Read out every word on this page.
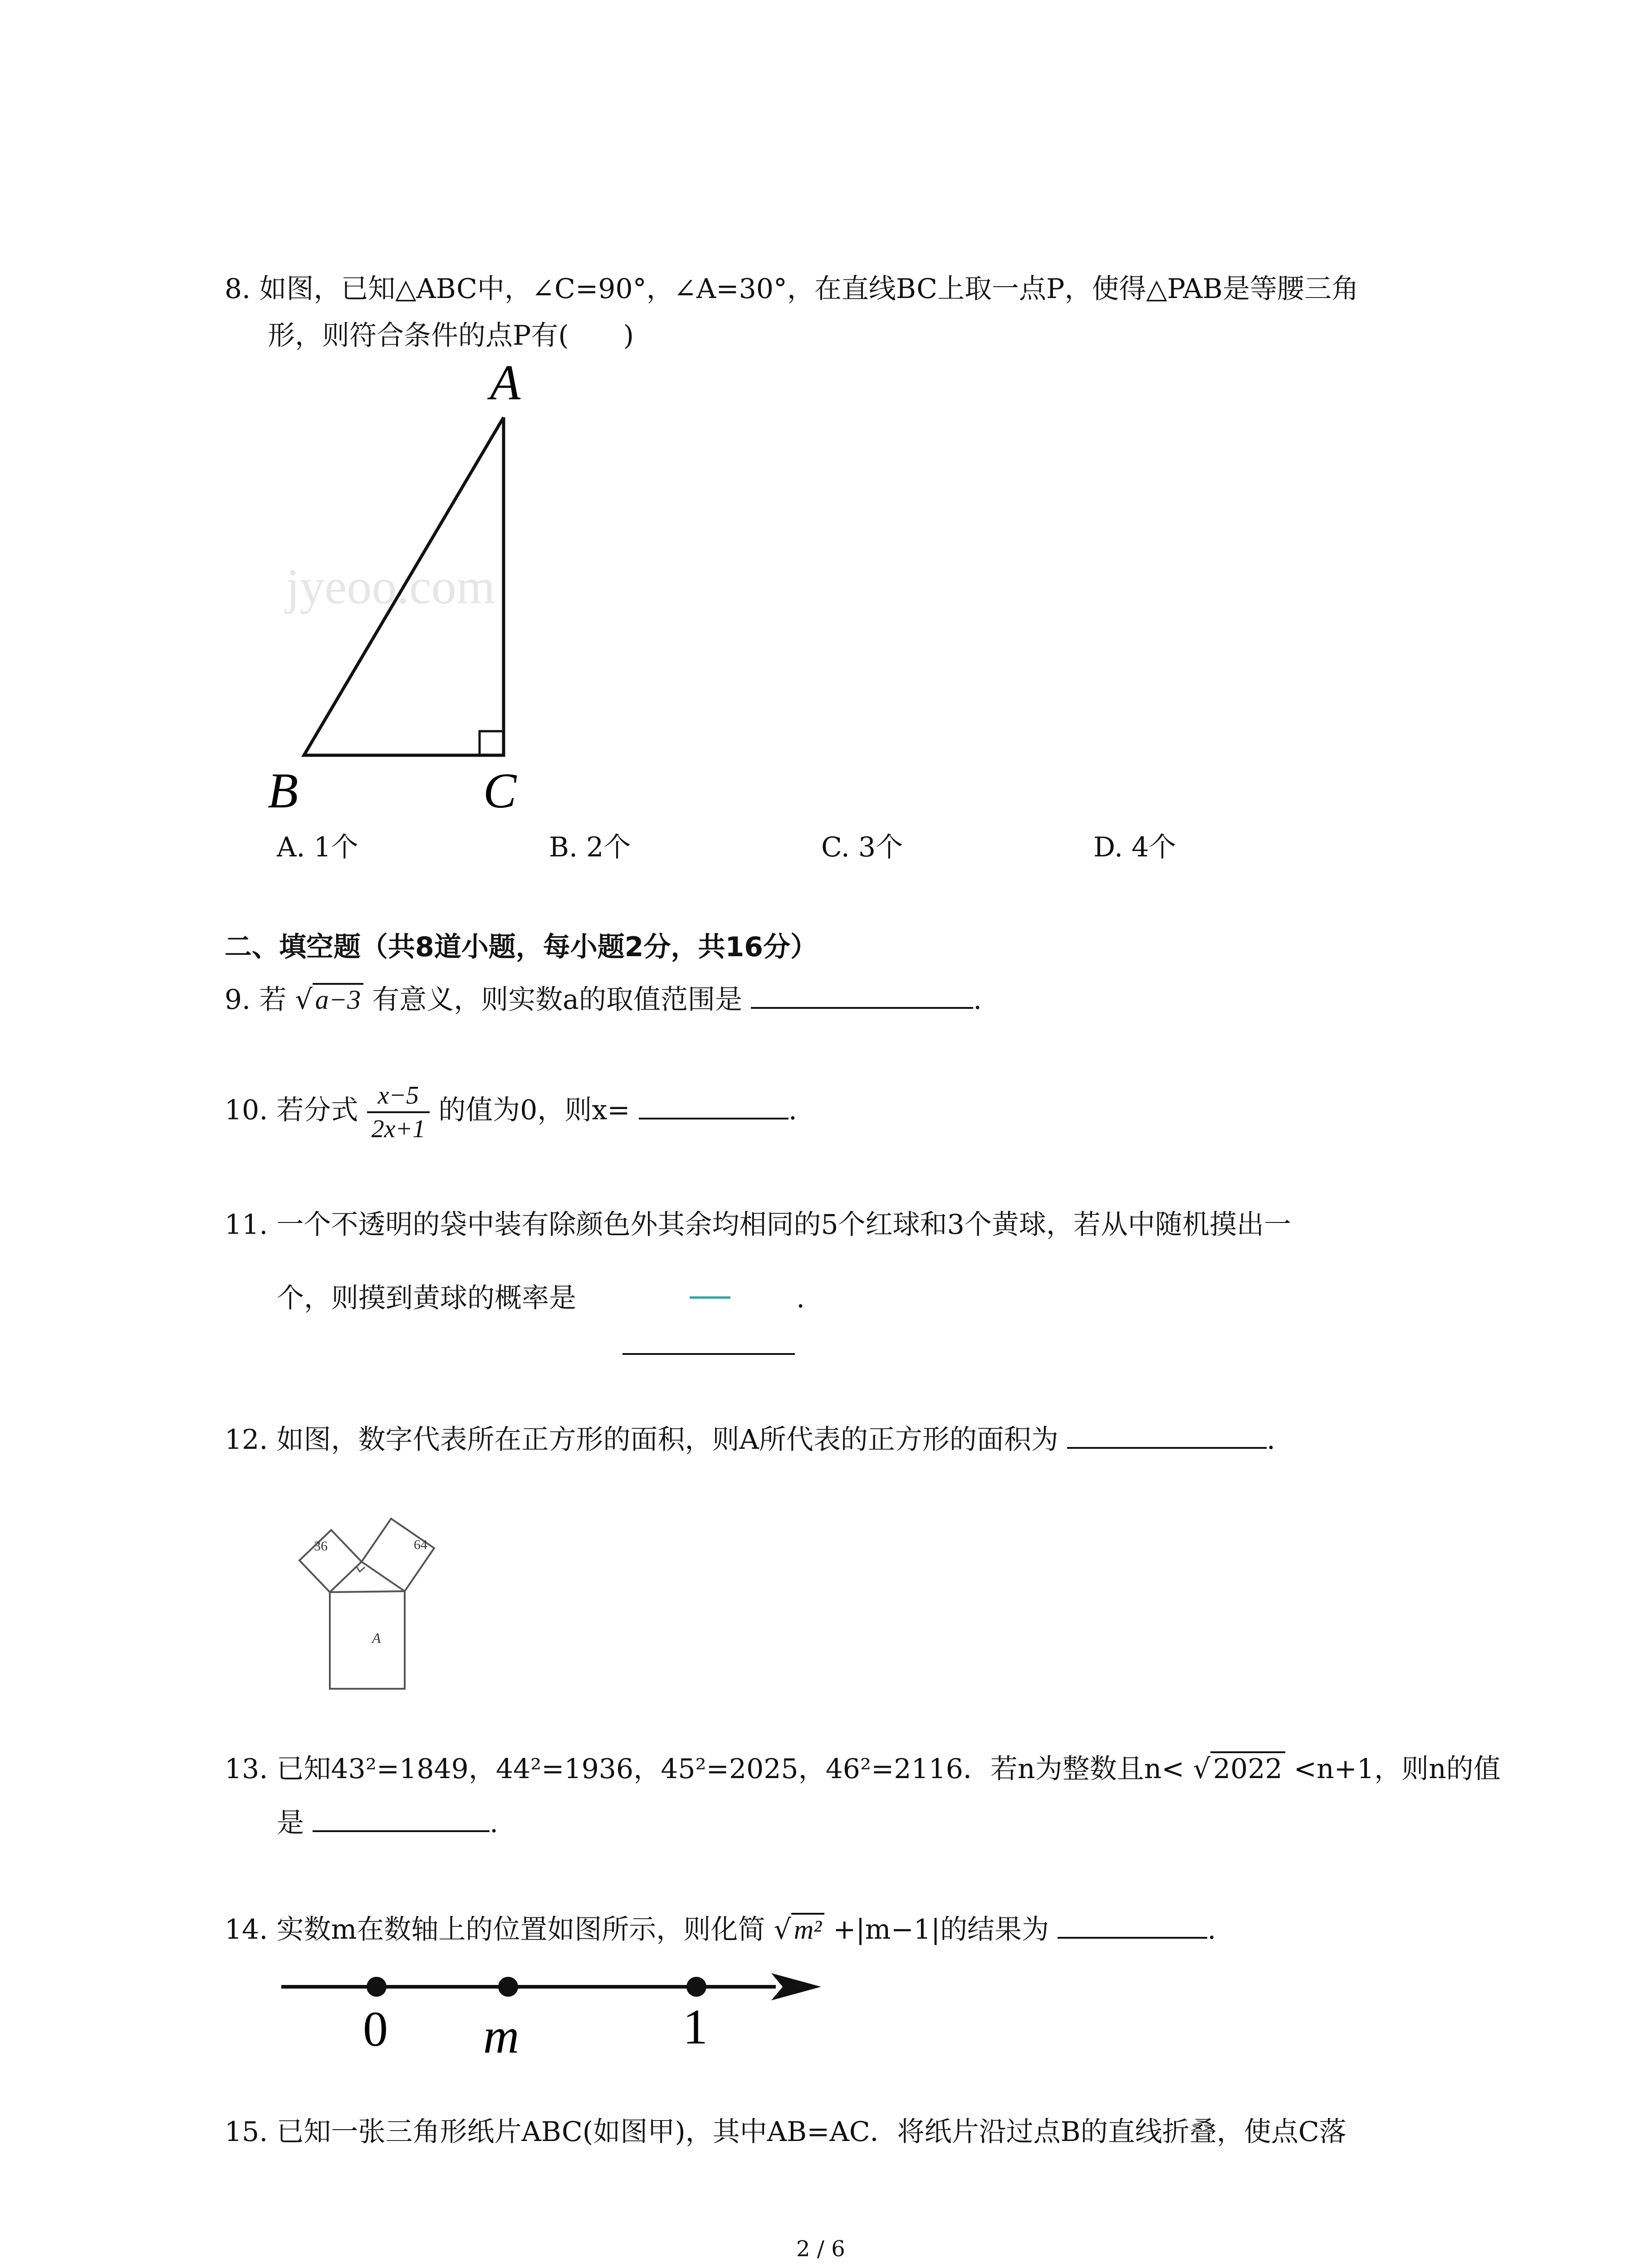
8. 如图，已知△ABC中，∠C=90°，∠A=30°，在直线BC上取一点P，使得△PAB是等腰三角
形，则符合条件的点P有(　　)
jyeoo.com
A
B	C
A. 1个	B. 2个	C. 3个	D. 4个
二、填空题（共8道小题，每小题2分，共16分）
9. 若 √ a−3 有意义，则实数a的取值范围是	.
10. 若分式 $\frac{x-5}{2x+1}$ 的值为0，则x=	.
11. 一个不透明的袋中装有除颜色外其余均相同的5个红球和3个黄球，若从中随机摸出一
个，则摸到黄球的概率是	.
12. 如图，数字代表所在正方形的面积，则A所代表的正方形的面积为	.
36	64
A
13. 已知43²=1849，44²=1936，45²=2025，46²=2116．若n为整数且n< √ 2022 <n+1，则n的值
是	.
14. 实数m在数轴上的位置如图所示，则化简 √ m² +|m−1|的结果为	.
0 m	1
15. 已知一张三角形纸片ABC(如图甲)，其中AB=AC．将纸片沿过点B的直线折叠，使点C落
2 / 6
